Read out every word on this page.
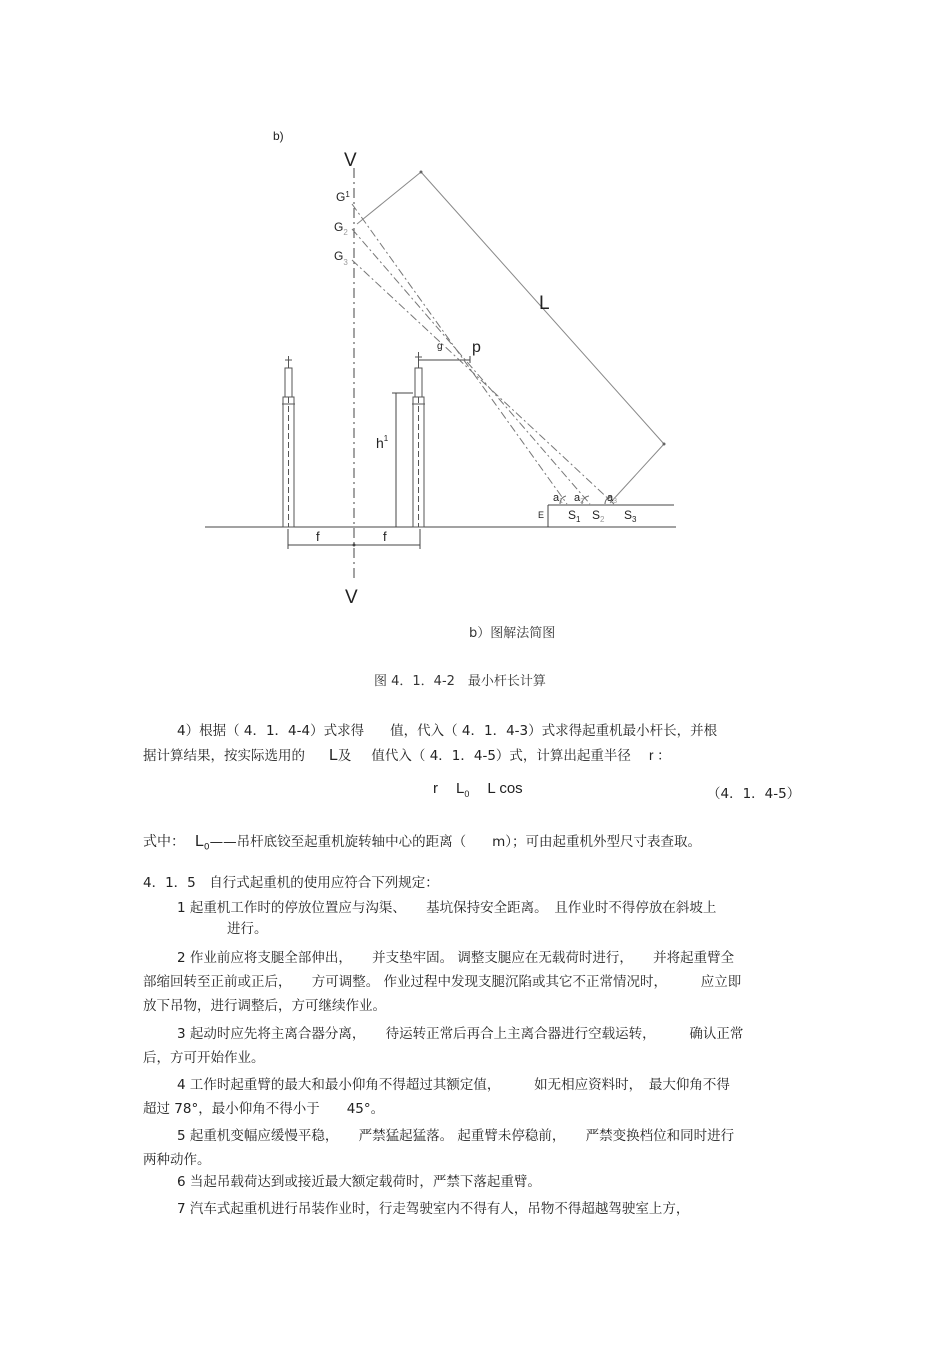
b)
V
V
$G^1$
$G_2$
$G_3$
L
g p
$h^1$
f	f
E
a1 a2 a3
$S_1$ $S_2$ $S_3$
b）图解法简图
图 4．1．4-2　最小杆长计算
4）根据（ 4．1．4-4）式求得 值，代入（ 4．1．4-3）式求得起重机最小杆长，并根
据计算结果，按实际选用的 L及 值代入（ 4．1．4-5）式，计算出起重半径 r ：
r $L_0$ L cos	（4．1．4-5）
式中： $L_0——$吊杆底铰至起重机旋转轴中心的距离（ m）；可由起重机外型尺寸表查取。
4．1．5　自行式起重机的使用应符合下列规定：
1 起重机工作时的停放位置应与沟渠、　　基坑保持安全距离。　且作业时不得停放在斜坡上
进行。
2 作业前应将支腿全部伸出，　　并支垫牢固。 调整支腿应在无载荷时进行，　　并将起重臂全
部缩回转至正前或正后，　　方可调整。 作业过程中发现支腿沉陷或其它不正常情况时，　　　应立即
放下吊物，进行调整后，方可继续作业。
3 起动时应先将主离合器分离，　　待运转正常后再合上主离合器进行空载运转，　　　确认正常
后，方可开始作业。
4 工作时起重臂的最大和最小仰角不得超过其额定值，　　　如无相应资料时，　最大仰角不得
超过 78°，最小仰角不得小于　　45°。
5 起重机变幅应缓慢平稳，　　严禁猛起猛落。 起重臂未停稳前，　　严禁变换档位和同时进行
两种动作。
6 当起吊载荷达到或接近最大额定载荷时，严禁下落起重臂。
7 汽车式起重机进行吊装作业时，行走驾驶室内不得有人，吊物不得超越驾驶室上方，
